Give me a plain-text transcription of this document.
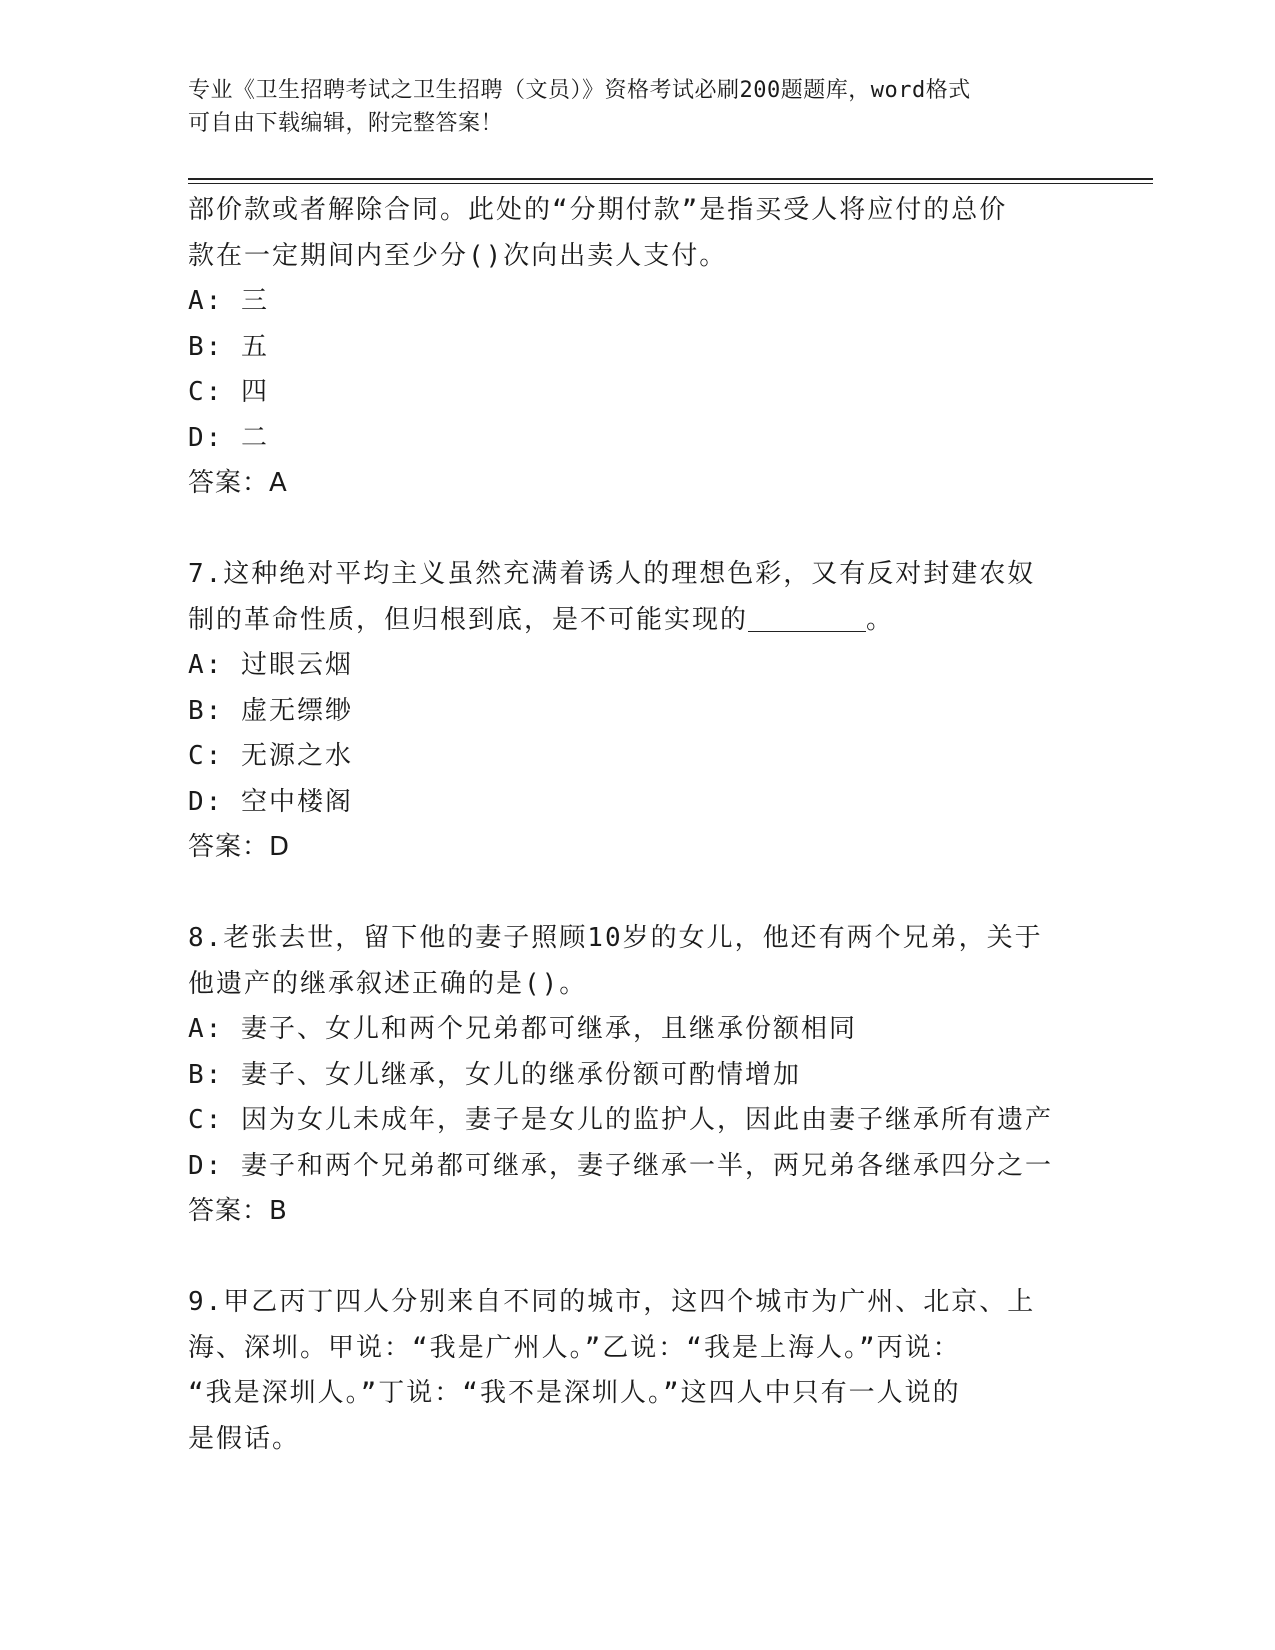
专业《卫生招聘考试之卫生招聘（文员）》资格考试必刷200题题库，word格式
可自由下载编辑，附完整答案！
部价款或者解除合同。此处的“分期付款”是指买受人将应付的总价
款在一定期间内至少分()次向出卖人支付。
A: 三
B: 五
C: 四
D: 二
答案：A
7.这种绝对平均主义虽然充满着诱人的理想色彩，又有反对封建农奴
制的革命性质，但归根到底，是不可能实现的	。
A: 过眼云烟
B: 虚无缥缈
C: 无源之水
D: 空中楼阁
答案：D
8.老张去世，留下他的妻子照顾10岁的女儿，他还有两个兄弟，关于
他遗产的继承叙述正确的是()。
A: 妻子、女儿和两个兄弟都可继承，且继承份额相同
B: 妻子、女儿继承，女儿的继承份额可酌情增加
C: 因为女儿未成年，妻子是女儿的监护人，因此由妻子继承所有遗产
D: 妻子和两个兄弟都可继承，妻子继承一半，两兄弟各继承四分之一
答案：B
9.甲乙丙丁四人分别来自不同的城市，这四个城市为广州、北京、上
海、深圳。甲说：“我是广州人。”乙说：“我是上海人。”丙说：
“我是深圳人。”丁说：“我不是深圳人。”这四人中只有一人说的
是假话。
